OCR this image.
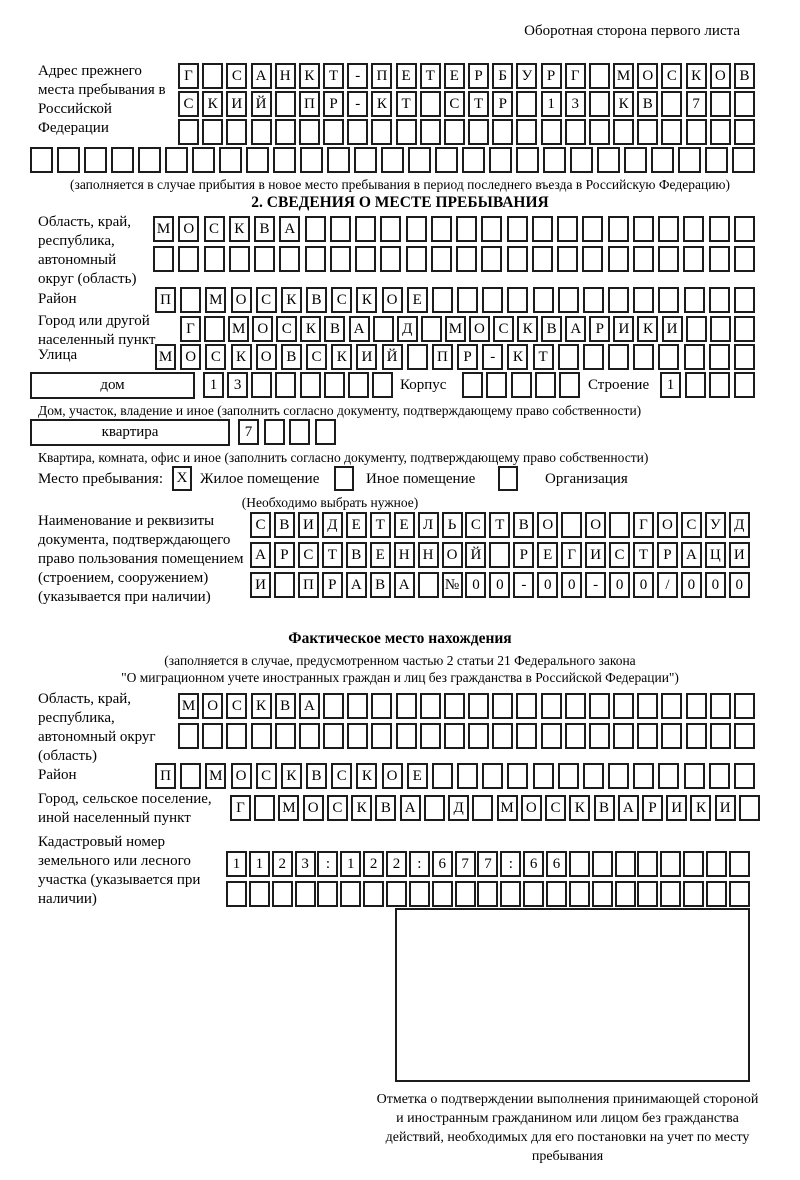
Оборотная сторона первого листа
Адрес прежнего места пребывания в Российской Федерации
Г	С А Н К Т	-	П Е	Т	Е	Р	Б У Р	Г	М О С К О В
С К И Й	П Р	-	К Т	С Т	Р	1	3	К В	7
(заполняется в случае прибытия в новое место пребывания в период последнего въезда в Российскую Федерацию)
2. СВЕДЕНИЯ О МЕСТЕ ПРЕБЫВАНИЯ
Область, край, республика, автономный округ (область)
М О С	К	В А
Район	П	М О С	К	В	С	К О	Е
Город или другой населенный пункт
Г	М О С К В А	Д	М О С К В А Р И К И
Улица	М О С	К О В	С	К И Й	П	Р	-	К	Т
дом	1	3	Корпус	Строение	1
Дом, участок, владение и иное (заполнить согласно документу, подтверждающему право собственности)
квартира	7
Квартира, комната, офис и иное (заполнить согласно документу, подтверждающему право собственности)
Место пребывания: X Жилое помещение	Иное помещение	Организация
(Необходимо выбрать нужное)
Наименование и реквизиты документа, подтверждающего право пользования помещением (строением, сооружением) (указывается при наличии)
С В И Д Е Т Е Л Ь С Т В О	О	Г О С У Д
А Р С Т В Е Н Н О Й	Р	Е	Г И С Т	Р А Ц И
И	П Р А В А	№ 0	0	-	0	0	-	0	0	/	0	0	0
Фактическое место нахождения
(заполняется в случае, предусмотренном частью 2 статьи 21 Федерального закона
"О миграционном учете иностранных граждан и лиц без гражданства в Российской Федерации")
Область, край, республика, автономный округ (область)
М О С К В А
Район	П	М О С	К	В	С	К О	Е
Город, сельское поселение, иной населенный пункт
Г	М О С К В А	Д	М О С К В А Р И К И
Кадастровый номер земельного или лесного участка (указывается при наличии)
1	1	2	3	:	1	2	2	:	6	7	7	:	6	6
Отметка о подтверждении выполнения принимающей стороной и иностранным гражданином или лицом без гражданства действий, необходимых для его постановки на учет по месту пребывания
